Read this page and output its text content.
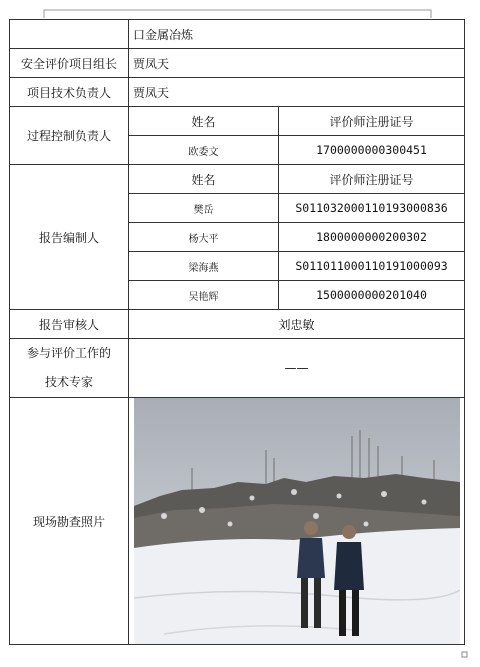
	口金属冶炼	
安全评价项目组长	贾凤天	
项目技术负责人	贾凤天	
过程控制负责人	姓名	评价师注册证号
	欧委文	1700000000300451
报告编制人	姓名	评价师注册证号
	樊岳	S011032000110193000836
	杨大平	1800000000200302
	梁海燕	S011011000110191000093
	吴艳辉	1500000000201040
报告审核人	刘忠敏	
参与评价工作的技术专家	——	
现场勘查照片	
